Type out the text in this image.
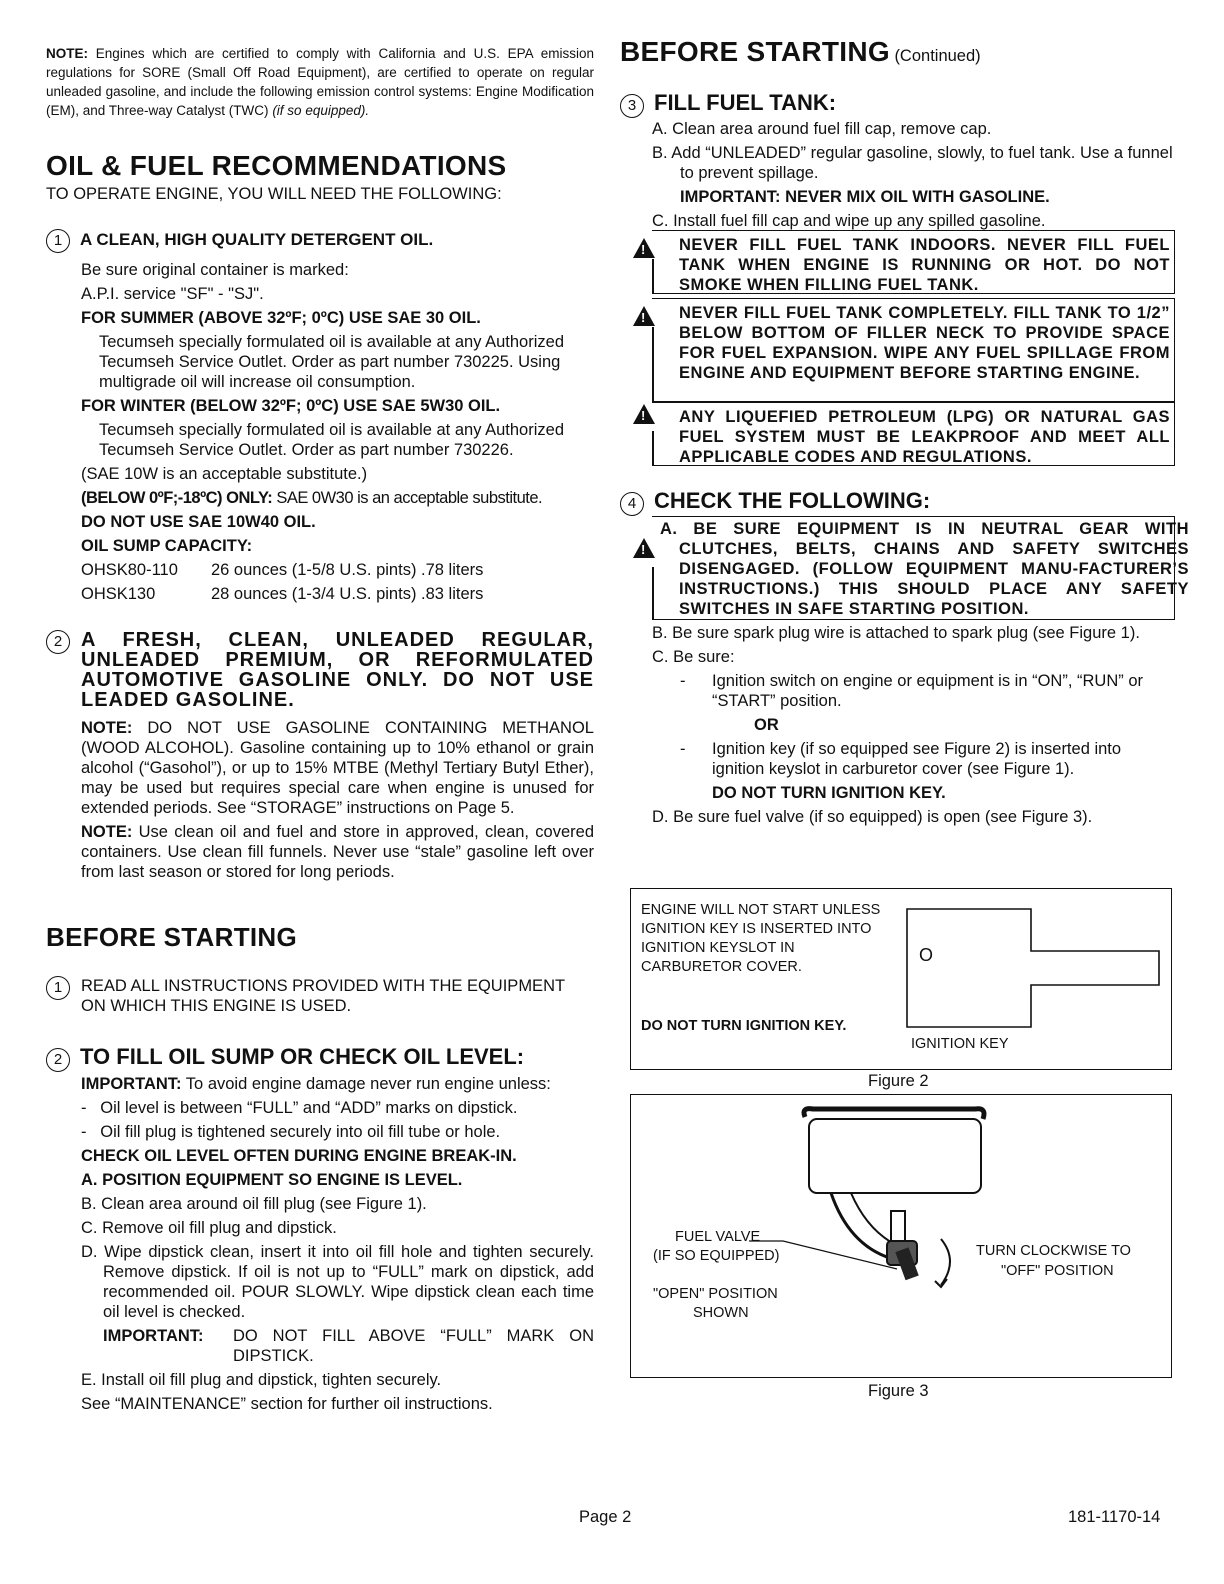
NOTE: Engines which are certified to comply with California and U.S. EPA emission regulations for SORE (Small Off Road Equipment), are certified to operate on regular unleaded gasoline, and include the following emission control systems: Engine Modification (EM), and Three-way Catalyst (TWC) (if so equipped).

OIL & FUEL RECOMMENDATIONS
TO OPERATE ENGINE, YOU WILL NEED THE FOLLOWING:
1 A CLEAN, HIGH QUALITY DETERGENT OIL.

Be sure original container is marked:

A.P.I. service "SF" - "SJ".

FOR SUMMER (ABOVE 32ºF; 0ºC) USE SAE 30 OIL.

Tecumseh specially formulated oil is available at any Authorized Tecumseh Service Outlet. Order as part number 730225. Using multigrade oil will increase oil consumption.

FOR WINTER (BELOW 32ºF; 0ºC) USE SAE 5W30 OIL.

Tecumseh specially formulated oil is available at any Authorized Tecumseh Service Outlet. Order as part number 730226.

(SAE 10W is an acceptable substitute.)

(BELOW 0ºF;-18ºC) ONLY: SAE 0W30 is an acceptable substitute.

DO NOT USE SAE 10W40 OIL.

OIL SUMP CAPACITY:

OHSK80-110 26 ounces (1-5/8 U.S. pints) .78 liters
OHSK130	28 ounces (1-3/4 U.S. pints) .83 liters
2 A FRESH, CLEAN, UNLEADED REGULAR, UNLEADED PREMIUM, OR REFORMULATED AUTOMOTIVE GASOLINE ONLY. DO NOT USE LEADED GASOLINE.

NOTE: DO NOT USE GASOLINE CONTAINING METHANOL (WOOD ALCOHOL). Gasoline containing up to 10% ethanol or grain alcohol (“Gasohol”), or up to 15% MTBE (Methyl Tertiary Butyl Ether), may be used but requires special care when engine is unused for extended periods. See “STORAGE” instructions on Page 5.

NOTE: Use clean oil and fuel and store in approved, clean, covered containers. Use clean fill funnels. Never use “stale” gasoline left over from last season or stored for long periods.

BEFORE STARTING
1	READ ALL INSTRUCTIONS PROVIDED WITH THE EQUIPMENT ON WHICH THIS ENGINE IS USED.

2 TO FILL OIL SUMP OR CHECK OIL LEVEL:

IMPORTANT: To avoid engine damage never run engine unless:

-   Oil level is between “FULL” and “ADD” marks on dipstick.

-   Oil fill plug is tightened securely into oil fill tube or hole.

CHECK OIL LEVEL OFTEN DURING ENGINE BREAK-IN.

A. POSITION EQUIPMENT SO ENGINE IS LEVEL.

B. Clean area around oil fill plug (see Figure 1).

C. Remove oil fill plug and dipstick.

D. Wipe dipstick clean, insert it into oil fill hole and tighten securely. Remove dipstick. If oil is not up to “FULL” mark on dipstick, add recommended oil. POUR SLOWLY. Wipe dipstick clean each time oil level is checked.

IMPORTANT:	DO NOT FILL ABOVE “FULL” MARK ON DIPSTICK.

E. Install oil fill plug and dipstick, tighten securely.

See “MAINTENANCE” section for further oil instructions.

BEFORE STARTING (Continued)
3 FILL FUEL TANK:

A. Clean area around fuel fill cap, remove cap.

B. Add “UNLEADED” regular gasoline, slowly, to fuel tank. Use a funnel to prevent spillage.

IMPORTANT: NEVER MIX OIL WITH GASOLINE.

C. Install fuel fill cap and wipe up any spilled gasoline.

NEVER FILL FUEL TANK INDOORS. NEVER FILL FUEL TANK WHEN ENGINE IS RUNNING OR HOT. DO NOT SMOKE WHEN FILLING FUEL TANK.

!

NEVER FILL FUEL TANK COMPLETELY. FILL TANK TO 1/2” BELOW BOTTOM OF FILLER NECK TO PROVIDE SPACE FOR FUEL EXPANSION. WIPE ANY FUEL SPILLAGE FROM ENGINE AND EQUIPMENT BEFORE STARTING ENGINE.

!

ANY LIQUEFIED PETROLEUM (LPG) OR NATURAL GAS FUEL SYSTEM MUST BE LEAKPROOF AND MEET ALL APPLICABLE CODES AND REGULATIONS.

!
4 CHECK THE FOLLOWING:

A. BE SURE EQUIPMENT IS IN NEUTRAL GEAR WITH CLUTCHES, BELTS, CHAINS AND SAFETY SWITCHES DISENGAGED. (FOLLOW EQUIPMENT MANU-FACTURER’S INSTRUCTIONS.) THIS SHOULD PLACE ANY SAFETY SWITCHES IN SAFE STARTING POSITION.

!

B. Be sure spark plug wire is attached to spark plug (see Figure 1).

C. Be sure:

-	Ignition switch on engine or equipment is in “ON”, “RUN” or “START” position.

OR

-	Ignition key (if so equipped see Figure 2) is inserted into ignition keyslot in carburetor cover (see Figure 1).

DO NOT TURN IGNITION KEY.

D. Be sure fuel valve (if so equipped) is open (see Figure 3).

ENGINE WILL NOT START UNLESS IGNITION KEY IS INSERTED INTO IGNITION KEYSLOT IN CARBURETOR COVER.

DO NOT TURN IGNITION KEY.

O
IGNITION KEY
Figure 2

FUEL VALVE

(IF SO EQUIPPED)

"OPEN" POSITION

SHOWN

TURN CLOCKWISE TO

"OFF" POSITION

Figure 3
Page 2	181-1170-14
